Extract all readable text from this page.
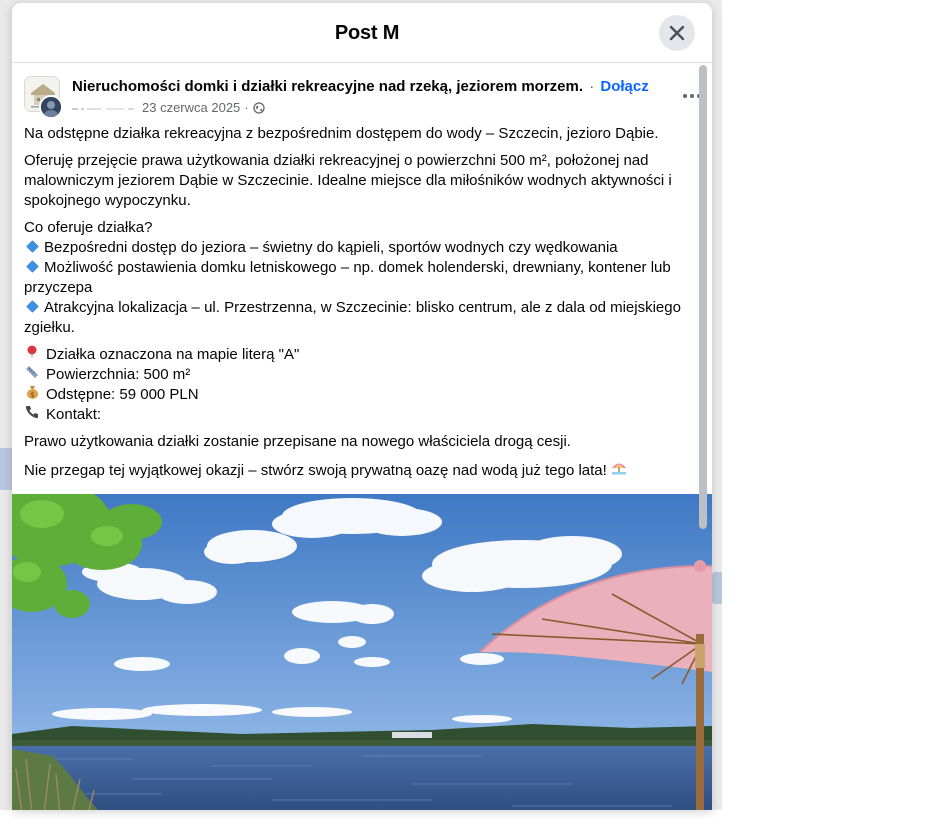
Post M
Nieruchomości domki i działki rekreacyjne nad rzeką, jeziorem morzem. · Dołącz
23 czerwca 2025 ·

Na odstępne działka rekreacyjna z bezpośrednim dostępem do wody – Szczecin, jezioro Dąbie.

Oferuję przejęcie prawa użytkowania działki rekreacyjnej o powierzchni 500 m², położonej nad malowniczym jeziorem Dąbie w Szczecinie. Idealne miejsce dla miłośników wodnych aktywności i spokojnego wypoczynku.

Co oferuje działka?
Bezpośredni dostęp do jeziora – świetny do kąpieli, sportów wodnych czy wędkowania
Możliwość postawienia domku letniskowego – np. domek holenderski, drewniany, kontener lub przyczepa
Atrakcyjna lokalizacja – ul. Przestrzenna, w Szczecinie: blisko centrum, ale z dala od miejskiego zgiełku.

Działka oznaczona na mapie literą "A"
Powierzchnia: 500 m²
$ Odstępne: 59 000 PLN
Kontakt:

Prawo użytkowania działki zostanie przepisane na nowego właściciela drogą cesji.

Nie przegap tej wyjątkowej okazji – stwórz swoją prywatną oazę nad wodą już tego lata!
